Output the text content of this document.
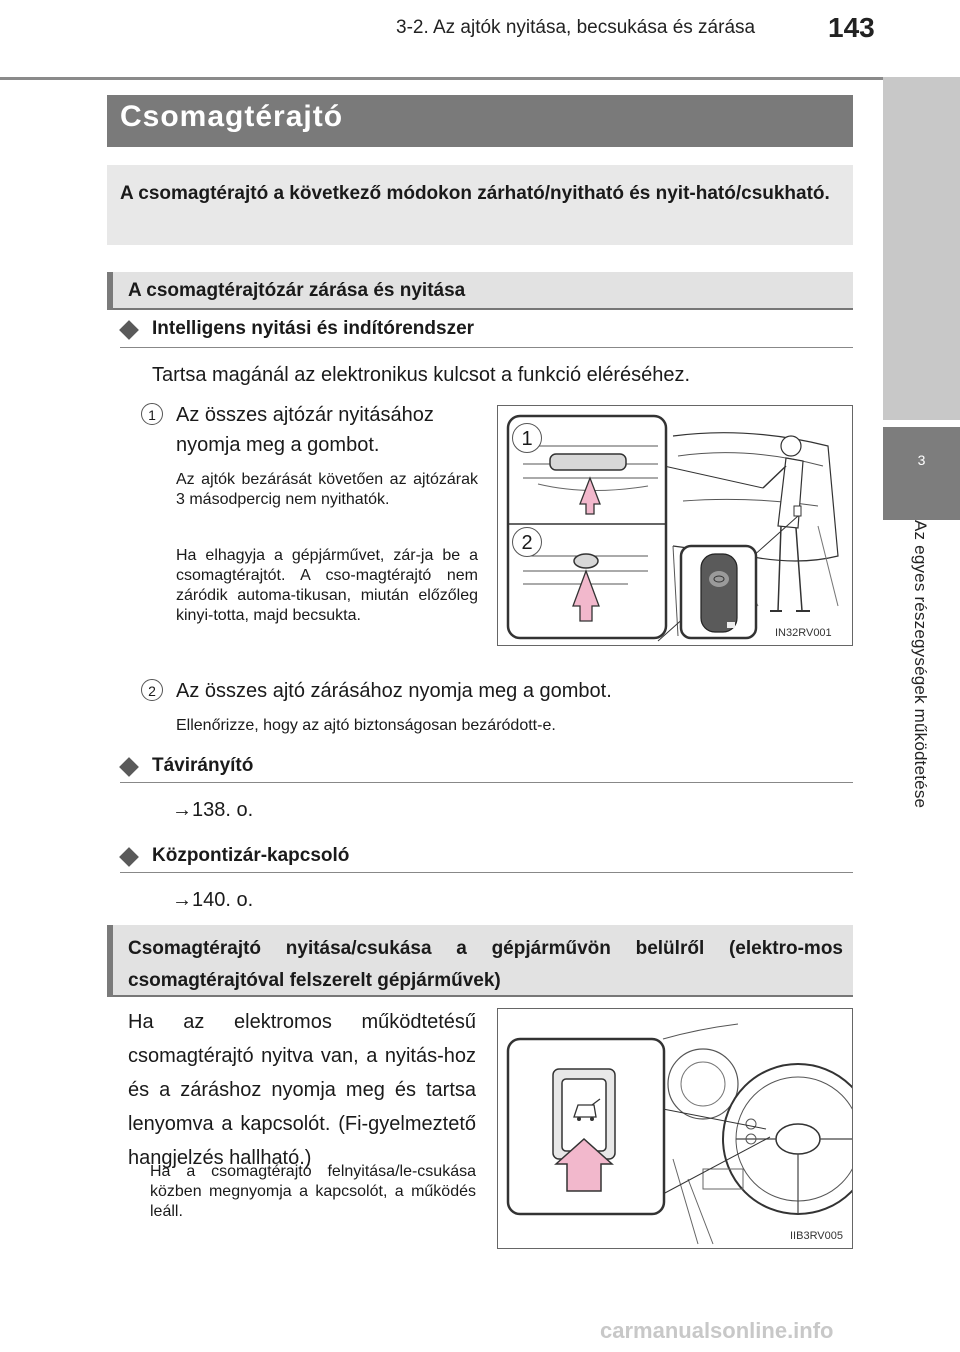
3-2. Az ajtók nyitása, becsukása és zárása	143
3
Az egyes részegységek működtetése
Csomagtérajtó
A csomagtérajtó a következő módokon zárható/nyitható és nyit-ható/csukható.
A csomagtérajtózár zárása és nyitása
Intelligens nyitási és indítórendszer
Tartsa magánál az elektronikus kulcsot a funkció eléréséhez.
1	Az összes ajtózár nyitásához nyomja meg a gombot.
Az ajtók bezárását követően az ajtózárak 3 másodpercig nem nyithatók.
Ha elhagyja a gépjárművet, zár-ja be a csomagtérajtót. A cso-magtérajtó nem záródik automa-tikusan, miután előzőleg kinyi-totta, majd becsukta.
1
2
IN32RV001
2	Az összes ajtó zárásához nyomja meg a gombot.
Ellenőrizze, hogy az ajtó biztonságosan bezáródott-e.
Távirányító
→138. o.
Központizár-kapcsoló
→140. o.
Csomagtérajtó nyitása/csukása a gépjárművön belülről (elektro-mos csomagtérajtóval felszerelt gépjárművek)
Ha az elektromos működtetésű csomagtérajtó nyitva van, a nyitás-hoz és a záráshoz nyomja meg és tartsa lenyomva a kapcsolót. (Fi-gyelmeztető hangjelzés hallható.)
Ha a csomagtérajtó felnyitása/le-csukása közben megnyomja a kapcsolót, a működés leáll.
IIB3RV005
carmanualsonline.info
